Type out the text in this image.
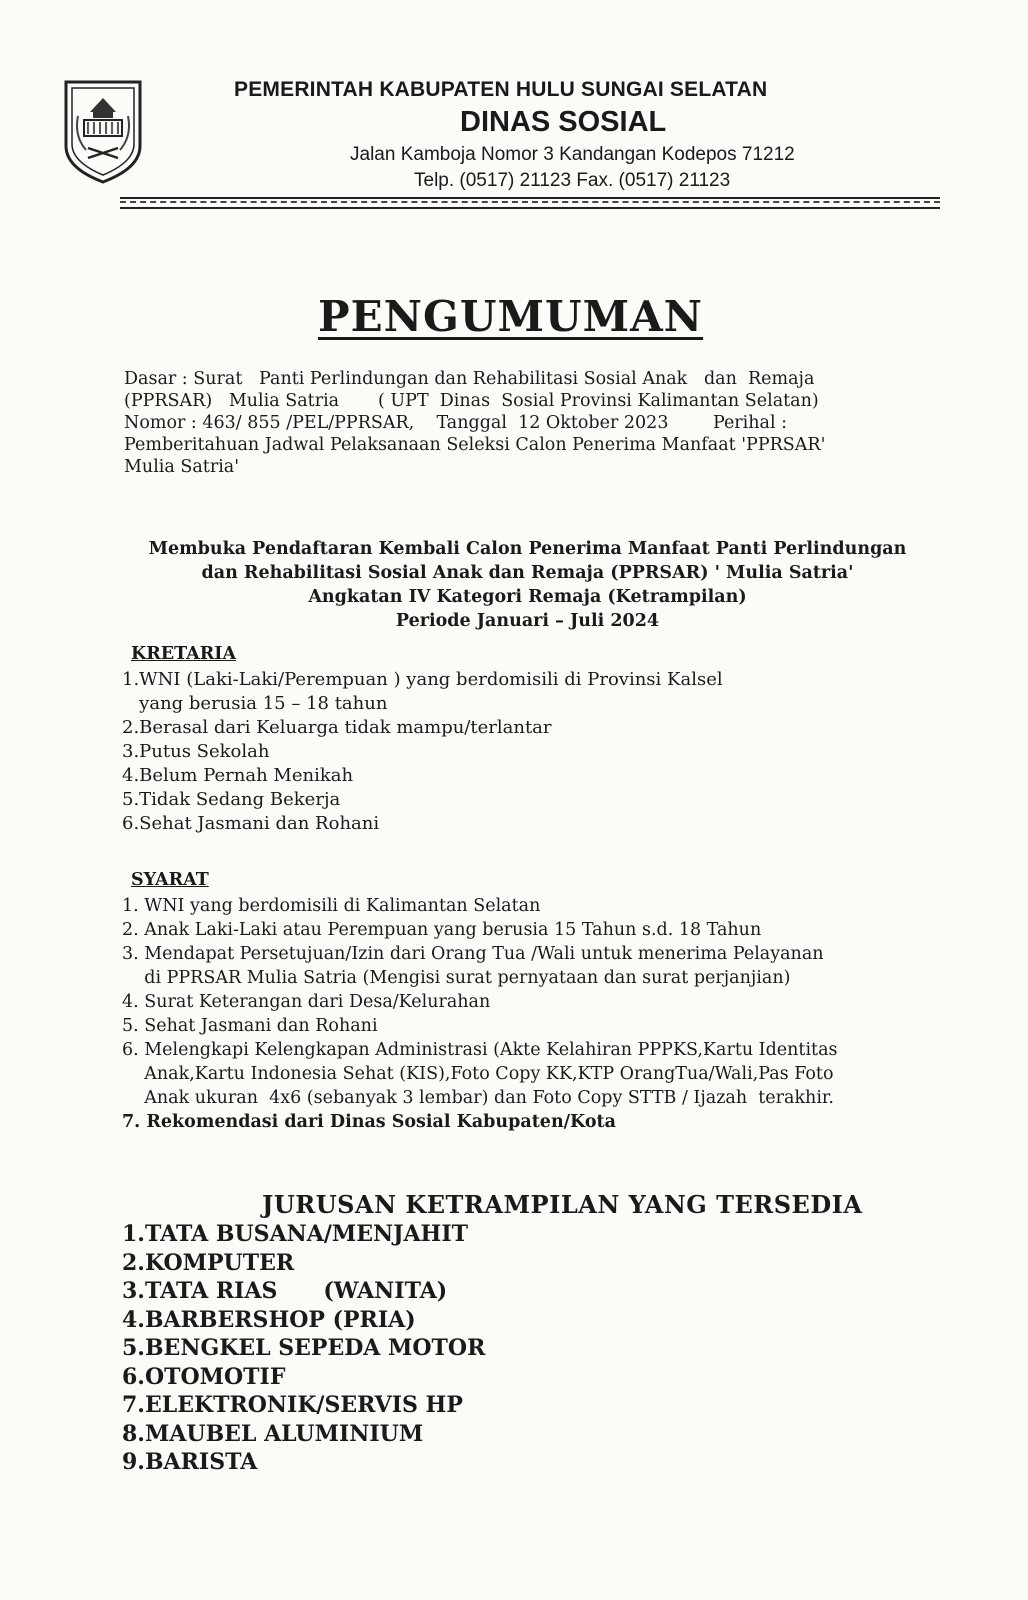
PEMERINTAH KABUPATEN HULU SUNGAI SELATAN
DINAS SOSIAL
Jalan Kamboja Nomor 3 Kandangan Kodepos 71212
Telp. (0517) 21123 Fax. (0517) 21123
PENGUMUMAN
Dasar : Surat   Panti Perlindungan dan Rehabilitasi Sosial Anak   dan  Remaja
(PPRSAR)   Mulia Satria       ( UPT  Dinas  Sosial Provinsi Kalimantan Selatan)
Nomor : 463/ 855 /PEL/PPRSAR,    Tanggal  12 Oktober 2023        Perihal :
Pemberitahuan Jadwal Pelaksanaan Seleksi Calon Penerima Manfaat 'PPRSAR'
Mulia Satria'
Membuka Pendaftaran Kembali Calon Penerima Manfaat Panti Perlindungan
dan Rehabilitasi Sosial Anak dan Remaja (PPRSAR) ' Mulia Satria'
Angkatan IV Kategori Remaja (Ketrampilan)
Periode Januari – Juli 2024
KRETARIA
1.WNI (Laki-Laki/Perempuan ) yang berdomisili di Provinsi Kalsel
yang berusia 15 – 18 tahun
2.Berasal dari Keluarga tidak mampu/terlantar
3.Putus Sekolah
4.Belum Pernah Menikah
5.Tidak Sedang Bekerja
6.Sehat Jasmani dan Rohani
SYARAT
1. WNI yang berdomisili di Kalimantan Selatan
2. Anak Laki-Laki atau Perempuan yang berusia 15 Tahun s.d. 18 Tahun
3. Mendapat Persetujuan/Izin dari Orang Tua /Wali untuk menerima Pelayanan
di PPRSAR Mulia Satria (Mengisi surat pernyataan dan surat perjanjian)
4. Surat Keterangan dari Desa/Kelurahan
5. Sehat Jasmani dan Rohani
6. Melengkapi Kelengkapan Administrasi (Akte Kelahiran PPPKS,Kartu Identitas
Anak,Kartu Indonesia Sehat (KIS),Foto Copy KK,KTP OrangTua/Wali,Pas Foto
Anak ukuran  4x6 (sebanyak 3 lembar) dan Foto Copy STTB / Ijazah  terakhir.
7. Rekomendasi dari Dinas Sosial Kabupaten/Kota
JURUSAN KETRAMPILAN YANG TERSEDIA
1.TATA BUSANA/MENJAHIT
2.KOMPUTER
3.TATA RIAS      (WANITA)
4.BARBERSHOP (PRIA)
5.BENGKEL SEPEDA MOTOR
6.OTOMOTIF
7.ELEKTRONIK/SERVIS HP
8.MAUBEL ALUMINIUM
9.BARISTA
